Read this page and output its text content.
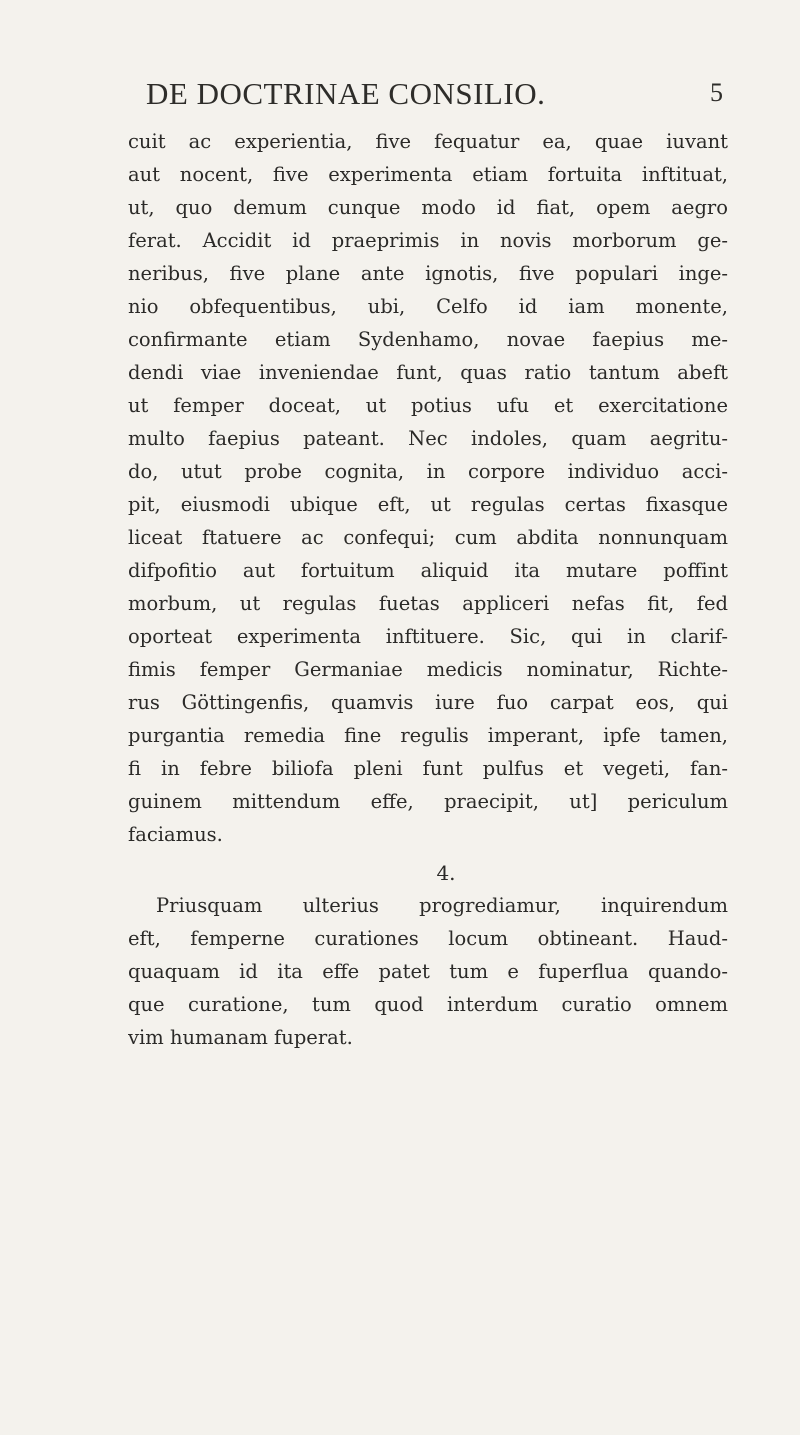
DE DOCTRINAE CONSILIO.	5
cuit ac experientia, five fequatur ea, quae iuvant
aut nocent, five experimenta etiam fortuita inftituat,
ut, quo demum cunque modo id fiat, opem aegro
ferat. Accidit id praeprimis in novis morborum ge-
neribus, five plane ante ignotis, five populari inge-
nio obfequentibus, ubi, Celfo id iam monente,
confirmante etiam Sydenhamo, novae faepius me-
dendi viae inveniendae funt, quas ratio tantum abeft
ut femper doceat, ut potius ufu et exercitatione
multo faepius pateant. Nec indoles, quam aegritu-
do, utut probe cognita, in corpore individuo acci-
pit, eiusmodi ubique eft, ut regulas certas fixasque
liceat ftatuere ac confequi; cum abdita nonnunquam
difpofitio aut fortuitum aliquid ita mutare poffint
morbum, ut regulas fuetas appliceri nefas fit, fed
oporteat experimenta inftituere. Sic, qui in clarif-
fimis femper Germaniae medicis nominatur, Richte-
rus Göttingenfis, quamvis iure fuo carpat eos, qui
purgantia remedia fine regulis imperant, ipfe tamen,
fi in febre biliofa pleni funt pulfus et vegeti, fan-
guinem mittendum effe, praecipit, ut] periculum
faciamus.
4.
Priusquam ulterius progrediamur, inquirendum
eft, femperne curationes locum obtineant. Haud-
quaquam id ita effe patet tum e fuperflua quando-
que curatione, tum quod interdum curatio omnem
vim humanam fuperat.
